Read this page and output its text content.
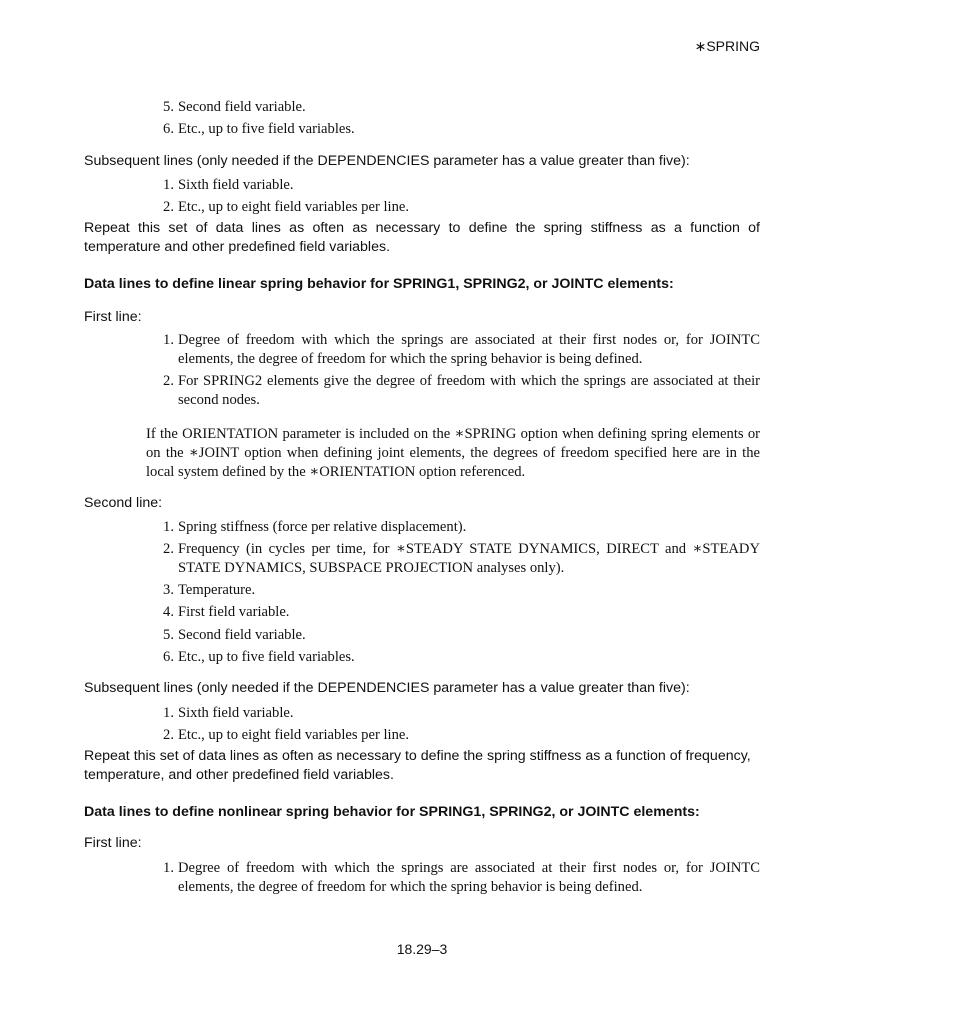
∗SPRING
5. Second field variable.
6. Etc., up to five field variables.
Subsequent lines (only needed if the DEPENDENCIES parameter has a value greater than five):
1. Sixth field variable.
2. Etc., up to eight field variables per line.
Repeat this set of data lines as often as necessary to define the spring stiffness as a function of temperature and other predefined field variables.
Data lines to define linear spring behavior for SPRING1, SPRING2, or JOINTC elements:
First line:
1. Degree of freedom with which the springs are associated at their first nodes or, for JOINTC elements, the degree of freedom for which the spring behavior is being defined.
2. For SPRING2 elements give the degree of freedom with which the springs are associated at their second nodes.
If the ORIENTATION parameter is included on the ∗SPRING option when defining spring elements or on the ∗JOINT option when defining joint elements, the degrees of freedom specified here are in the local system defined by the ∗ORIENTATION option referenced.
Second line:
1. Spring stiffness (force per relative displacement).
2. Frequency (in cycles per time, for ∗STEADY STATE DYNAMICS, DIRECT and ∗STEADY STATE DYNAMICS, SUBSPACE PROJECTION analyses only).
3. Temperature.
4. First field variable.
5. Second field variable.
6. Etc., up to five field variables.
Subsequent lines (only needed if the DEPENDENCIES parameter has a value greater than five):
1. Sixth field variable.
2. Etc., up to eight field variables per line.
Repeat this set of data lines as often as necessary to define the spring stiffness as a function of frequency, temperature, and other predefined field variables.
Data lines to define nonlinear spring behavior for SPRING1, SPRING2, or JOINTC elements:
First line:
1. Degree of freedom with which the springs are associated at their first nodes or, for JOINTC elements, the degree of freedom for which the spring behavior is being defined.
18.29–3
